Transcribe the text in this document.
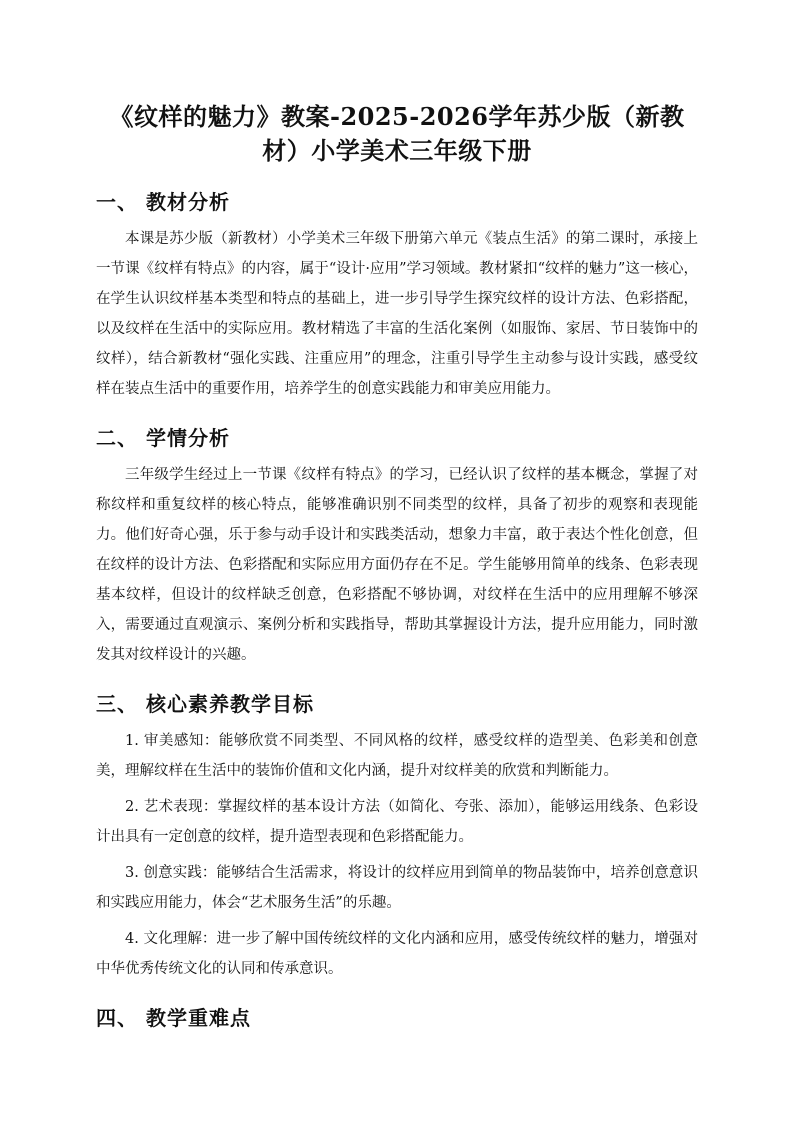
《纹样的魅力》教案-2025-2026学年苏少版（新教材）小学美术三年级下册
一、 教材分析

本课是苏少版（新教材）小学美术三年级下册第六单元《装点生活》的第二课时，承接上一节课《纹样有特点》的内容，属于“设计·应用”学习领域。教材紧扣“纹样的魅力”这一核心，在学生认识纹样基本类型和特点的基础上，进一步引导学生探究纹样的设计方法、色彩搭配，以及纹样在生活中的实际应用。教材精选了丰富的生活化案例（如服饰、家居、节日装饰中的纹样），结合新教材“强化实践、注重应用”的理念，注重引导学生主动参与设计实践，感受纹样在装点生活中的重要作用，培养学生的创意实践能力和审美应用能力。

二、 学情分析

三年级学生经过上一节课《纹样有特点》的学习，已经认识了纹样的基本概念，掌握了对称纹样和重复纹样的核心特点，能够准确识别不同类型的纹样，具备了初步的观察和表现能力。他们好奇心强，乐于参与动手设计和实践类活动，想象力丰富，敢于表达个性化创意，但在纹样的设计方法、色彩搭配和实际应用方面仍存在不足。学生能够用简单的线条、色彩表现基本纹样，但设计的纹样缺乏创意，色彩搭配不够协调，对纹样在生活中的应用理解不够深入，需要通过直观演示、案例分析和实践指导，帮助其掌握设计方法，提升应用能力，同时激发其对纹样设计的兴趣。

三、 核心素养教学目标

1. 审美感知：能够欣赏不同类型、不同风格的纹样，感受纹样的造型美、色彩美和创意美，理解纹样在生活中的装饰价值和文化内涵，提升对纹样美的欣赏和判断能力。

2. 艺术表现：掌握纹样的基本设计方法（如简化、夸张、添加），能够运用线条、色彩设计出具有一定创意的纹样，提升造型表现和色彩搭配能力。

3. 创意实践：能够结合生活需求，将设计的纹样应用到简单的物品装饰中，培养创意意识和实践应用能力，体会“艺术服务生活”的乐趣。

4. 文化理解：进一步了解中国传统纹样的文化内涵和应用，感受传统纹样的魅力，增强对中华优秀传统文化的认同和传承意识。

四、 教学重难点
